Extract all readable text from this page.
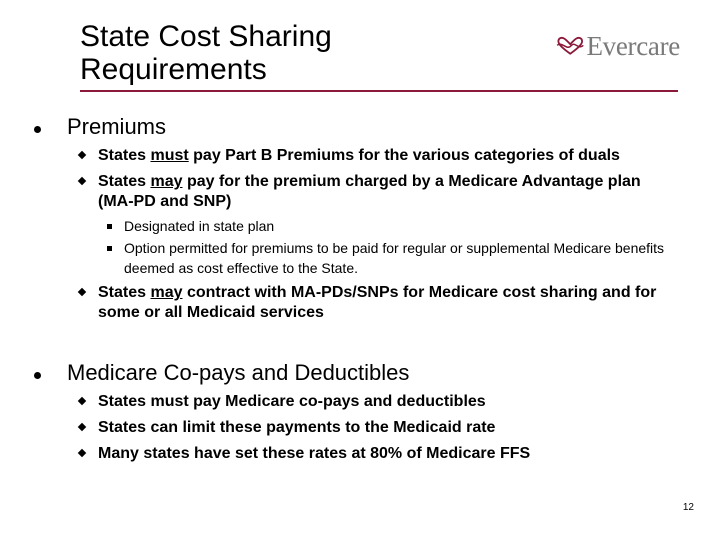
State Cost Sharing
Requirements
Evercare
Premiums
States must pay Part B Premiums for the various categories of duals
States may pay for the premium charged by a Medicare Advantage plan (MA-PD and SNP)
Designated in state plan
Option permitted for premiums to be paid for regular or supplemental Medicare benefits deemed as cost effective to the State.
States may contract with MA-PDs/SNPs for Medicare cost sharing and for some or all Medicaid services
Medicare Co-pays and Deductibles
States must pay Medicare co-pays and deductibles
States can limit these payments to the Medicaid rate
Many states have set these rates at 80% of Medicare FFS
12
